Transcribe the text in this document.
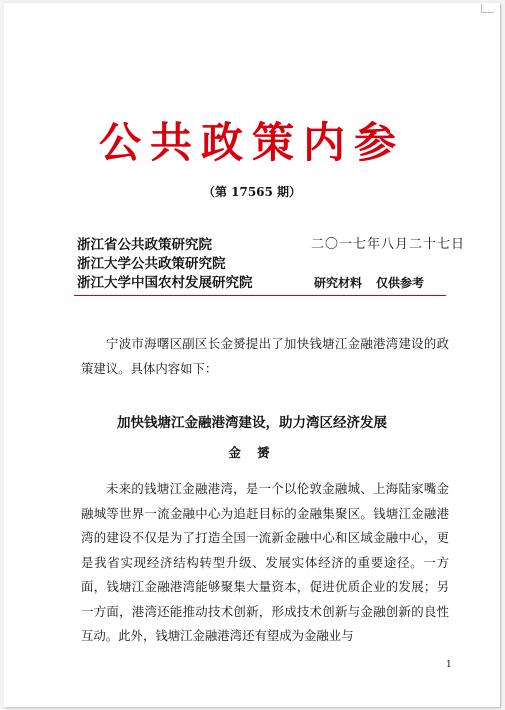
公共政策内参
（第 17565 期）
浙江省公共政策研究院
浙江大学公共政策研究院
浙江大学中国农村发展研究院
二〇一七年八月二十七日
研究材料 仅供参考

宁波市海曙区副区长金赟提出了加快钱塘江金融港湾建设的政策建议。具体内容如下：

加快钱塘江金融港湾建设，助力湾区经济发展
金 赟

未来的钱塘江金融港湾，是一个以伦敦金融城、上海陆家嘴金融城等世界一流金融中心为追赶目标的金融集聚区。钱塘江金融港湾的建设不仅是为了打造全国一流新金融中心和区域金融中心，更是我省实现经济结构转型升级、发展实体经济的重要途径。一方面，钱塘江金融港湾能够聚集大量资本，促进优质企业的发展；另一方面，港湾还能推动技术创新，形成技术创新与金融创新的良性互动。此外，钱塘江金融港湾还有望成为金融业与

1
